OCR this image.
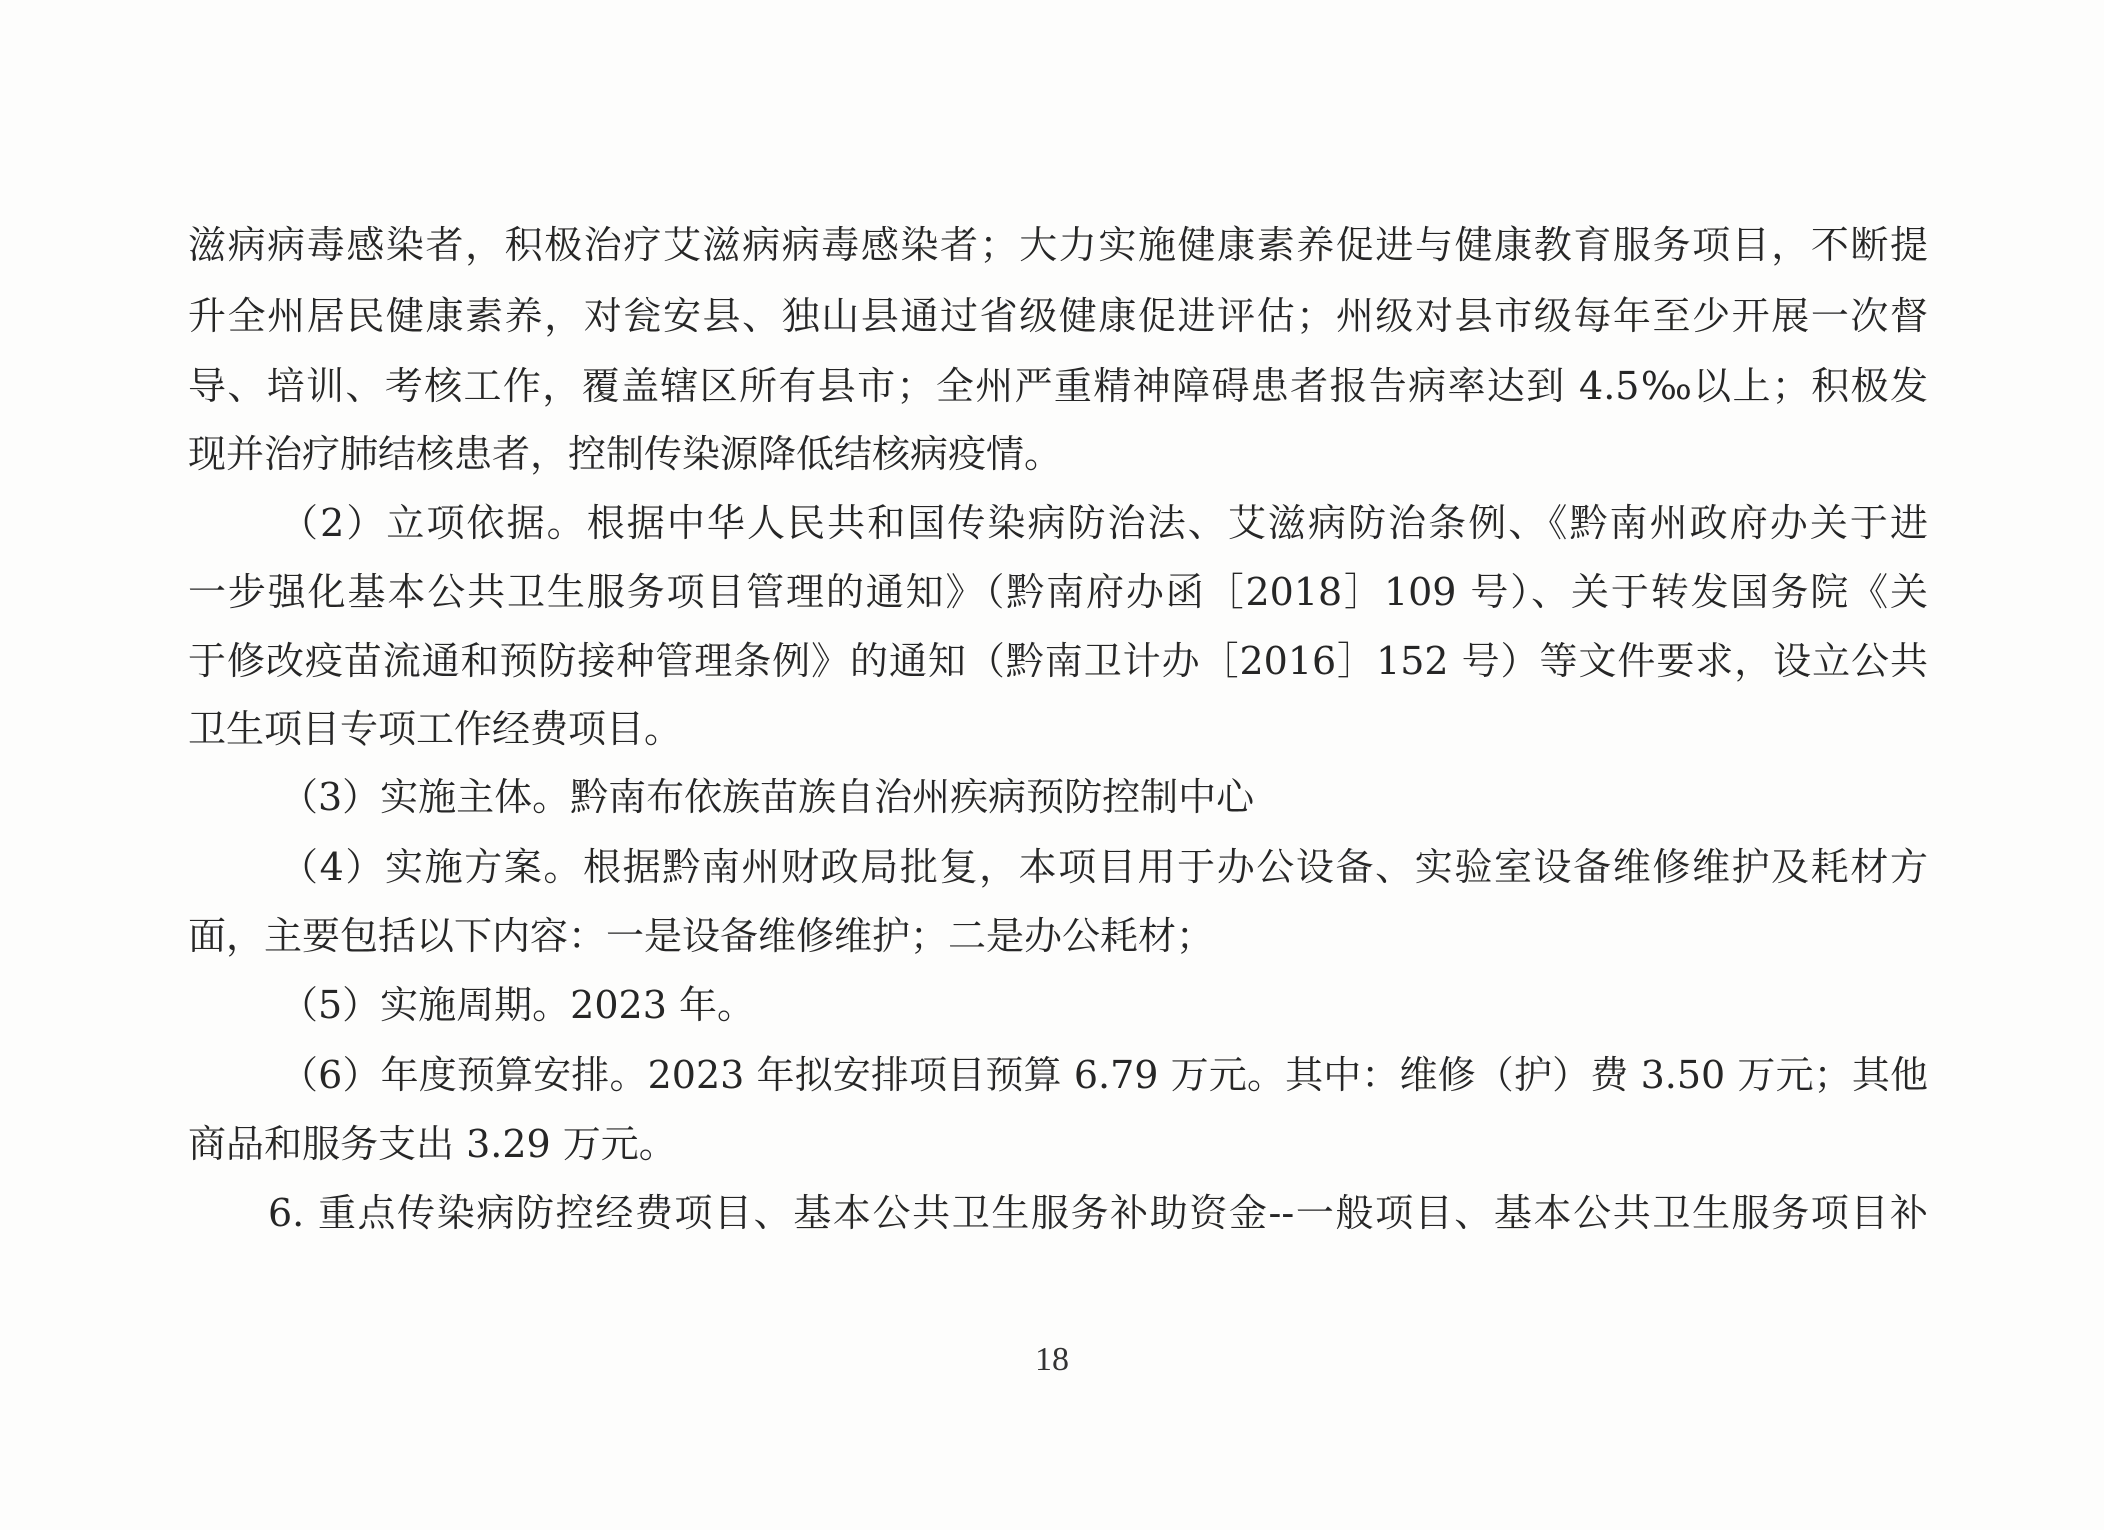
滋病病毒感染者，积极治疗艾滋病病毒感染者；大力实施健康素养促进与健康教育服务项目，不断提
升全州居民健康素养，对瓮安县、独山县通过省级健康促进评估；州级对县市级每年至少开展一次督
导、培训、考核工作，覆盖辖区所有县市；全州严重精神障碍患者报告病率达到 4.5‰以上；积极发
现并治疗肺结核患者，控制传染源降低结核病疫情。
（2）立项依据。根据中华人民共和国传染病防治法、艾滋病防治条例、《黔南州政府办关于进
一步强化基本公共卫生服务项目管理的通知》（黔南府办函［2018］109 号）、关于转发国务院《关
于修改疫苗流通和预防接种管理条例》的通知（黔南卫计办［2016］152 号）等文件要求，设立公共
卫生项目专项工作经费项目。
（3）实施主体。黔南布依族苗族自治州疾病预防控制中心
（4）实施方案。根据黔南州财政局批复，本项目用于办公设备、实验室设备维修维护及耗材方
面，主要包括以下内容：一是设备维修维护；二是办公耗材；
（5）实施周期。2023 年。
（6）年度预算安排。2023 年拟安排项目预算 6.79 万元。其中：维修（护）费 3.50 万元；其他
商品和服务支出 3.29 万元。
6. 重点传染病防控经费项目、基本公共卫生服务补助资金--一般项目、基本公共卫生服务项目补
18
